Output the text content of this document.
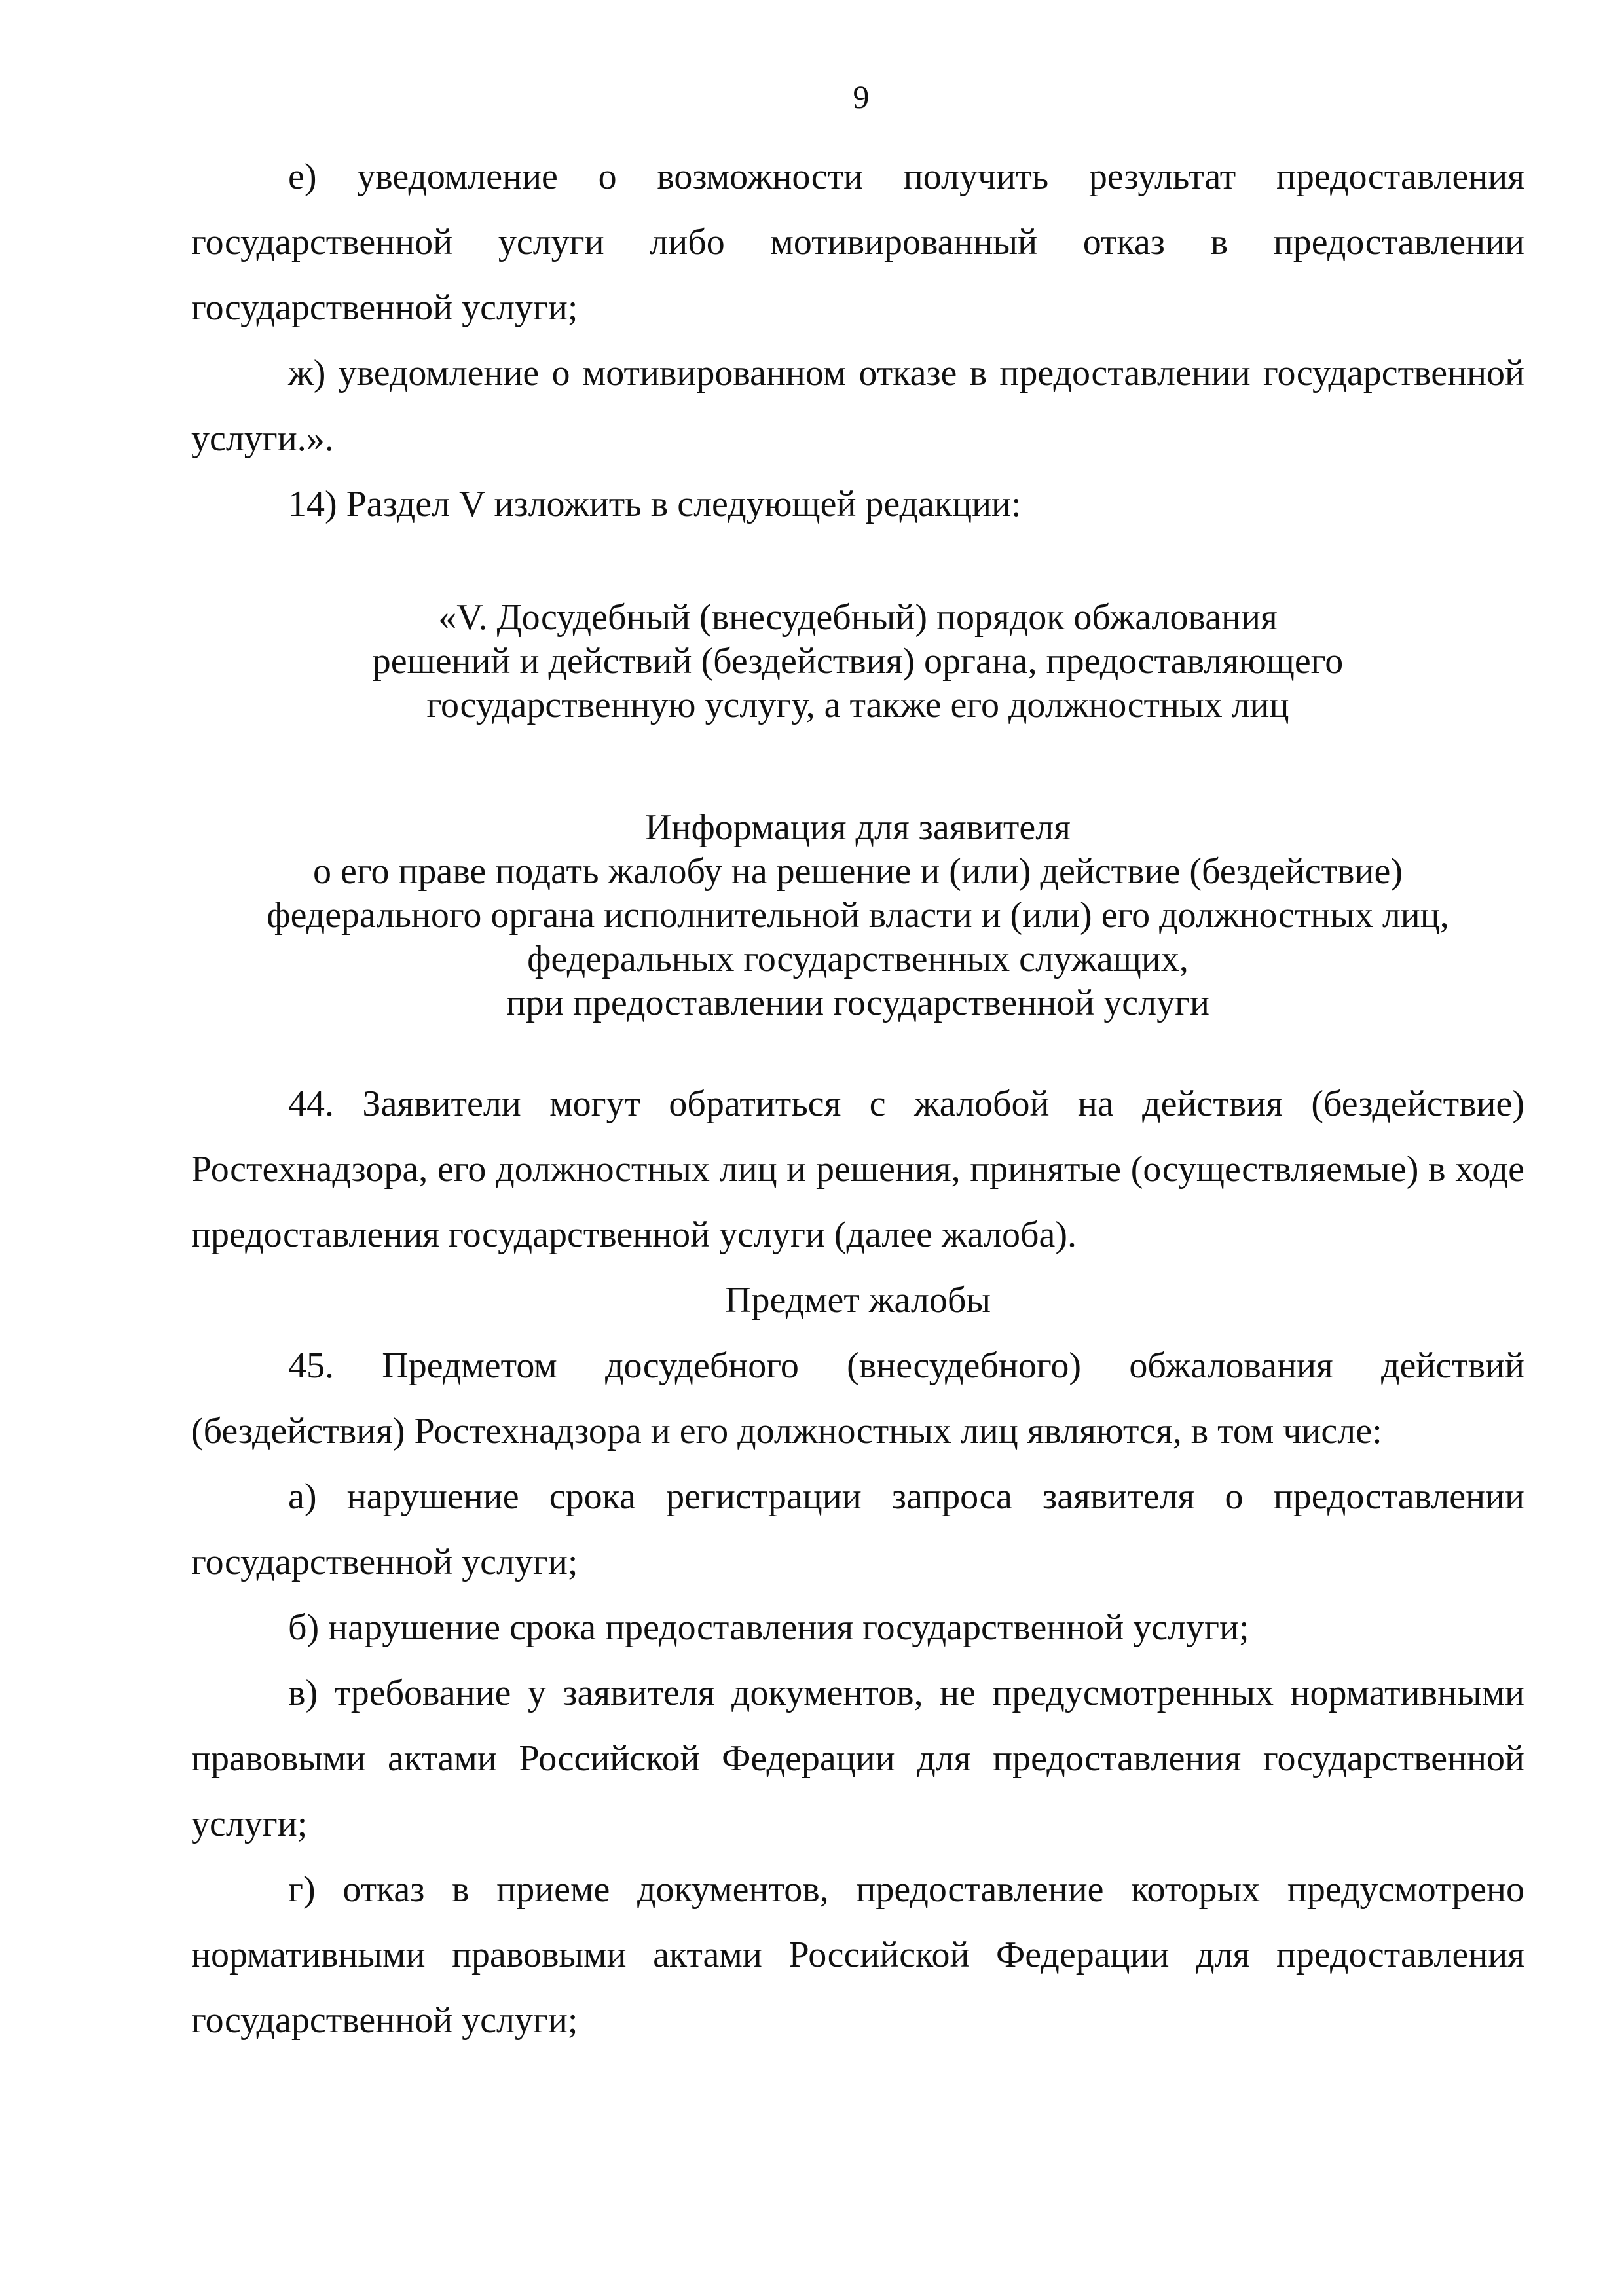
9

е) уведомление о возможности получить результат предоставления государственной услуги либо мотивированный отказ в предоставлении государственной услуги;

ж) уведомление о мотивированном отказе в предоставлении государственной услуги.».

14) Раздел V изложить в следующей редакции:

«V. Досудебный (внесудебный) порядок обжалования
решений и действий (бездействия) органа, предоставляющего
государственную услугу, а также его должностных лиц
Информация для заявителя
о его праве подать жалобу на решение и (или) действие (бездействие)
федерального органа исполнительной власти и (или) его должностных лиц,
федеральных государственных служащих,
при предоставлении государственной услуги

44. Заявители могут обратиться с жалобой на действия (бездействие) Ростехнадзора, его должностных лиц и решения, принятые (осуществляемые) в ходе предоставления государственной услуги (далее жалоба).

Предмет жалобы

45. Предметом досудебного (внесудебного) обжалования действий (бездействия) Ростехнадзора и его должностных лиц являются, в том числе:

а) нарушение срока регистрации запроса заявителя о предоставлении государственной услуги;

б) нарушение срока предоставления государственной услуги;

в) требование у заявителя документов, не предусмотренных нормативными правовыми актами Российской Федерации для предоставления государственной услуги;

г) отказ в приеме документов, предоставление которых предусмотрено нормативными правовыми актами Российской Федерации для предоставления государственной услуги;
